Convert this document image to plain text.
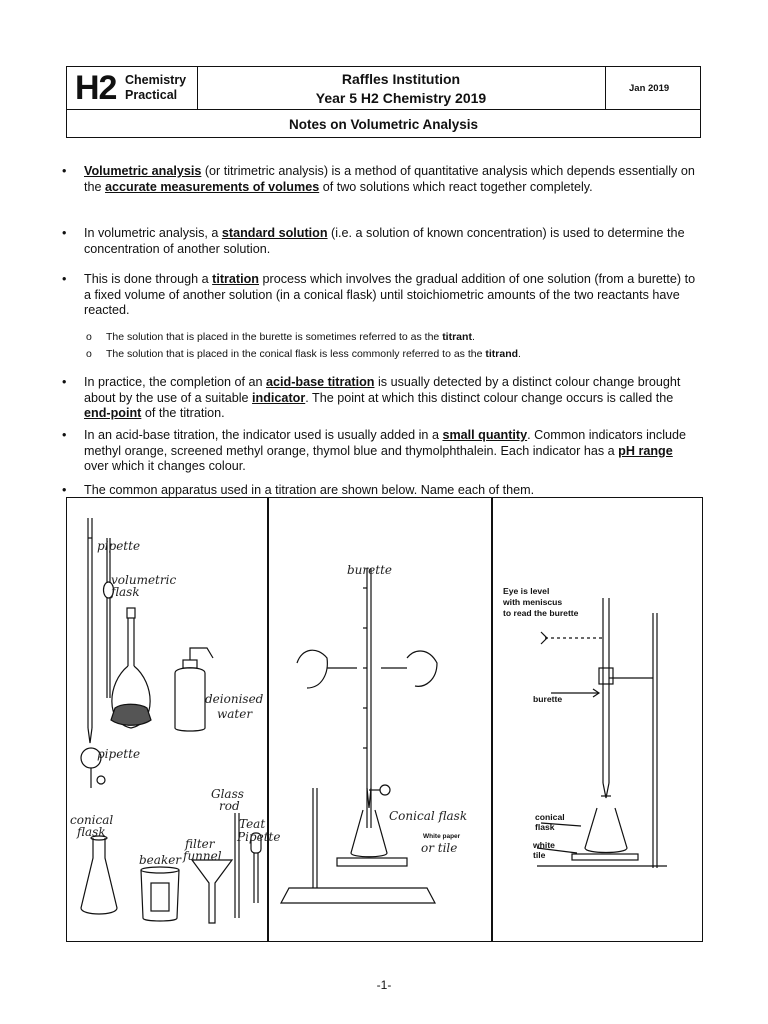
H2 Chemistry
Practical
Raffles Institution
Year 5 H2 Chemistry 2019
Jan 2019
Notes on Volumetric Analysis
• Volumetric analysis (or titrimetric analysis) is a method of quantitative analysis which depends essentially on the accurate measurements of volumes of two solutions which react together completely.
• In volumetric analysis, a standard solution (i.e. a solution of known concentration) is used to determine the concentration of another solution.
• This is done through a titration process which involves the gradual addition of one solution (from a burette) to a fixed volume of another solution (in a conical flask) until stoichiometric amounts of the two reactants have reacted.
o The solution that is placed in the burette is sometimes referred to as the titrant.
o The solution that is placed in the conical flask is less commonly referred to as the titrand.
• In practice, the completion of an acid-base titration is usually detected by a distinct colour change brought about by the use of a suitable indicator. The point at which this distinct colour change occurs is called the end-point of the titration.
• In an acid-base titration, the indicator used is usually added in a small quantity. Common indicators include methyl orange, screened methyl orange, thymol blue and thymolphthalein. Each indicator has a pH range over which it changes colour.
• The common apparatus used in a titration are shown below. Name each of them.
pipette
volumetric
flask
deionised
water
pipette
conical
flask
Glass
rod
Teat
Pipette
filter
funnel
beaker
burette
Conical flask
White paper
or tile
Eye is level
with meniscus
to read the burette
burette
conical
flask
white
tile
-1-
